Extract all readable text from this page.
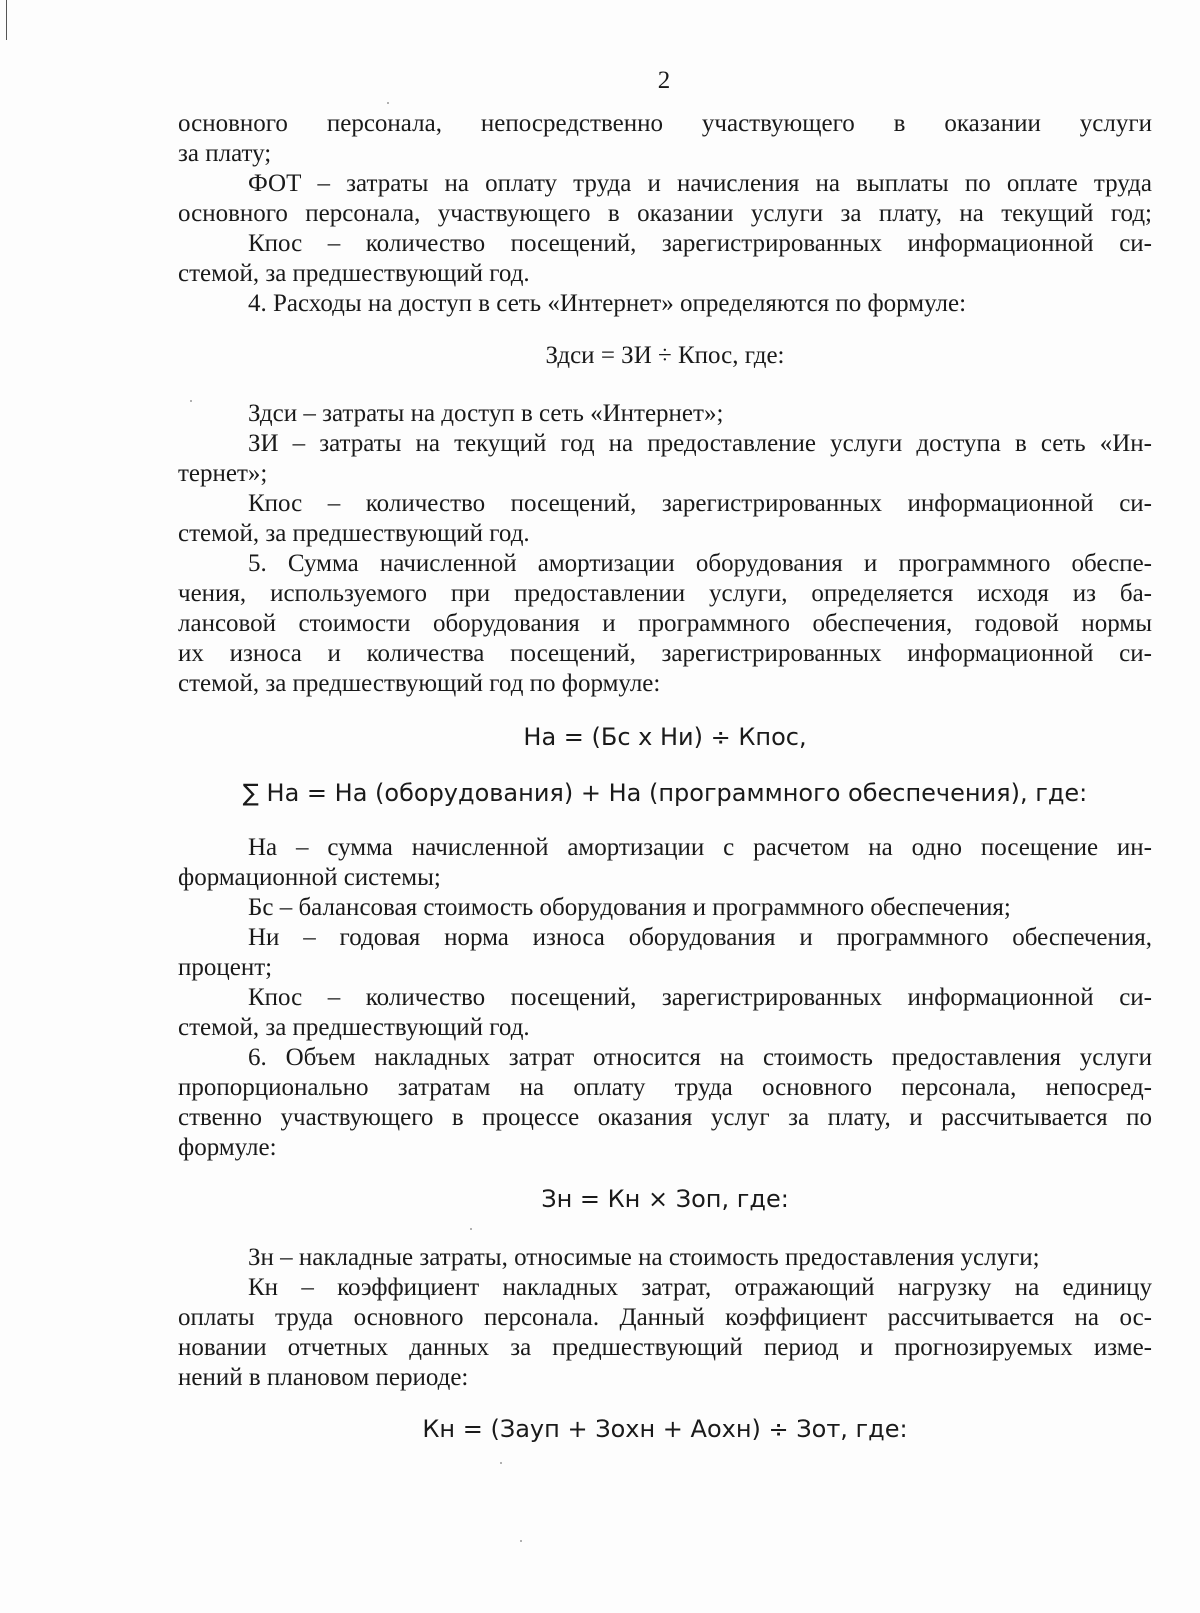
2
основного персонала, непосредственно участвующего в оказании услуги
за плату;
ФОТ – затраты на оплату труда и начисления на выплаты по оплате труда
основного персонала, участвующего в оказании услуги за плату, на текущий год;
Кпос – количество посещений, зарегистрированных информационной си-
стемой, за предшествующий год.
4. Расходы на доступ в сеть «Интернет» определяются по формуле:
Здси = ЗИ ÷ Кпос, где:
Здси – затраты на доступ в сеть «Интернет»;
ЗИ – затраты на текущий год на предоставление услуги доступа в сеть «Ин-
тернет»;
Кпос – количество посещений, зарегистрированных информационной си-
стемой, за предшествующий год.
5. Сумма начисленной амортизации оборудования и программного обеспе-
чения, используемого при предоставлении услуги, определяется исходя из ба-
лансовой стоимости оборудования и программного обеспечения, годовой нормы
их износа и количества посещений, зарегистрированных информационной си-
стемой, за предшествующий год по формуле:
На = (Бс х Ни) ÷ Кпос,
∑ На = На (оборудования) + На (программного обеспечения), где:
На – сумма начисленной амортизации с расчетом на одно посещение ин-
формационной системы;
Бс – балансовая стоимость оборудования и программного обеспечения;
Ни – годовая норма износа оборудования и программного обеспечения,
процент;
Кпос – количество посещений, зарегистрированных информационной си-
стемой, за предшествующий год.
6. Объем накладных затрат относится на стоимость предоставления услуги
пропорционально затратам на оплату труда основного персонала, непосред-
ственно участвующего в процессе оказания услуг за плату, и рассчитывается по
формуле:
Зн = Кн × Зоп, где:
Зн – накладные затраты, относимые на стоимость предоставления услуги;
Кн – коэффициент накладных затрат, отражающий нагрузку на единицу
оплаты труда основного персонала. Данный коэффициент рассчитывается на ос-
новании отчетных данных за предшествующий период и прогнозируемых изме-
нений в плановом периоде:
Кн = (Зауп + Зохн + Аохн) ÷ Зот, где:
